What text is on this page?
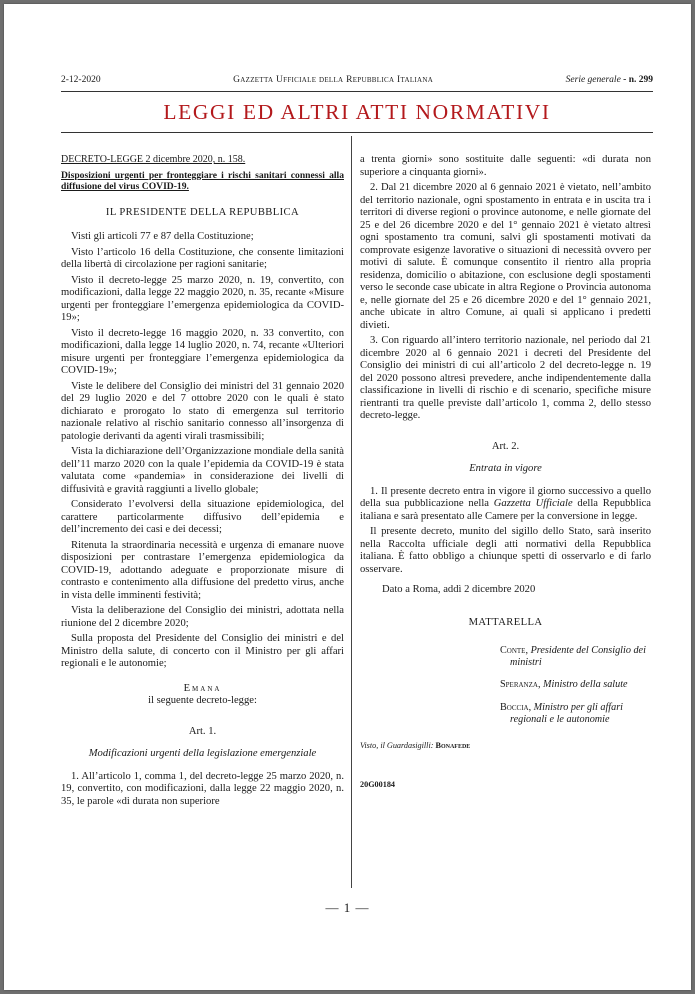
2-12-2020	Gazzetta Ufficiale della Repubblica Italiana	Serie generale - n. 299
LEGGI ED ALTRI ATTI NORMATIVI

DECRETO-LEGGE 2 dicembre 2020, n. 158.

Disposizioni urgenti per fronteggiare i rischi sanitari connessi alla diffusione del virus COVID-19.

IL PRESIDENTE DELLA REPUBBLICA

Visti gli articoli 77 e 87 della Costituzione;

Visto l’articolo 16 della Costituzione, che consente limitazioni della libertà di circolazione per ragioni sanitarie;

Visto il decreto-legge 25 marzo 2020, n. 19, convertito, con modificazioni, dalla legge 22 maggio 2020, n. 35, recante «Misure urgenti per fronteggiare l’emergenza epidemiologica da COVID-19»;

Visto il decreto-legge 16 maggio 2020, n. 33 convertito, con modificazioni, dalla legge 14 luglio 2020, n. 74, recante «Ulteriori misure urgenti per fronteggiare l’emergenza epidemiologica da COVID-19»;

Viste le delibere del Consiglio dei ministri del 31 gennaio 2020 del 29 luglio 2020 e del 7 ottobre 2020 con le quali è stato dichiarato e prorogato lo stato di emergenza sul territorio nazionale relativo al rischio sanitario connesso all’insorgenza di patologie derivanti da agenti virali trasmissibili;

Vista la dichiarazione dell’Organizzazione mondiale della sanità dell’11 marzo 2020 con la quale l’epidemia da COVID-19 è stata valutata come «pandemia» in considerazione dei livelli di diffusività e gravità raggiunti a livello globale;

Considerato l’evolversi della situazione epidemiologica, del carattere particolarmente diffusivo dell’epidemia e dell’incremento dei casi e dei decessi;

Ritenuta la straordinaria necessità e urgenza di emanare nuove disposizioni per contrastare l’emergenza epidemiologica da COVID-19, adottando adeguate e proporzionate misure di contrasto e contenimento alla diffusione del predetto virus, anche in vista delle imminenti festività;

Vista la deliberazione del Consiglio dei ministri, adottata nella riunione del 2 dicembre 2020;

Sulla proposta del Presidente del Consiglio dei ministri e del Ministro della salute, di concerto con il Ministro per gli affari regionali e le autonomie;

Emana

il seguente decreto-legge:

Art. 1.

Modificazioni urgenti della legislazione emergenziale

1. All’articolo 1, comma 1, del decreto-legge 25 marzo 2020, n. 19, convertito, con modificazioni, dalla legge 22 maggio 2020, n. 35, le parole «di durata non superiore

a trenta giorni» sono sostituite dalle seguenti: «di durata non superiore a cinquanta giorni».

2. Dal 21 dicembre 2020 al 6 gennaio 2021 è vietato, nell’ambito del territorio nazionale, ogni spostamento in entrata e in uscita tra i territori di diverse regioni o province autonome, e nelle giornate del 25 e del 26 dicembre 2020 e del 1° gennaio 2021 è vietato altresì ogni spostamento tra comuni, salvi gli spostamenti motivati da comprovate esigenze lavorative o situazioni di necessità ovvero per motivi di salute. È comunque consentito il rientro alla propria residenza, domicilio o abitazione, con esclusione degli spostamenti verso le seconde case ubicate in altra Regione o Provincia autonoma e, nelle giornate del 25 e 26 dicembre 2020 e del 1° gennaio 2021, anche ubicate in altro Comune, ai quali si applicano i predetti divieti.

3. Con riguardo all’intero territorio nazionale, nel periodo dal 21 dicembre 2020 al 6 gennaio 2021 i decreti del Presidente del Consiglio dei ministri di cui all’articolo 2 del decreto-legge n. 19 del 2020 possono altresì prevedere, anche indipendentemente dalla classificazione in livelli di rischio e di scenario, specifiche misure rientranti tra quelle previste dall’articolo 1, comma 2, dello stesso decreto-legge.

Art. 2.

Entrata in vigore

1. Il presente decreto entra in vigore il giorno successivo a quello della sua pubblicazione nella Gazzetta Ufficiale della Repubblica italiana e sarà presentato alle Camere per la conversione in legge.

Il presente decreto, munito del sigillo dello Stato, sarà inserito nella Raccolta ufficiale degli atti normativi della Repubblica italiana. È fatto obbligo a chiunque spetti di osservarlo e di farlo osservare.

Dato a Roma, addì 2 dicembre 2020

MATTARELLA

Conte, Presidente del Consiglio dei ministri

Speranza, Ministro della salute

Boccia, Ministro per gli affari regionali e le autonomie

Visto, il Guardasigilli: Bonafede

20G00184

— 1 —
